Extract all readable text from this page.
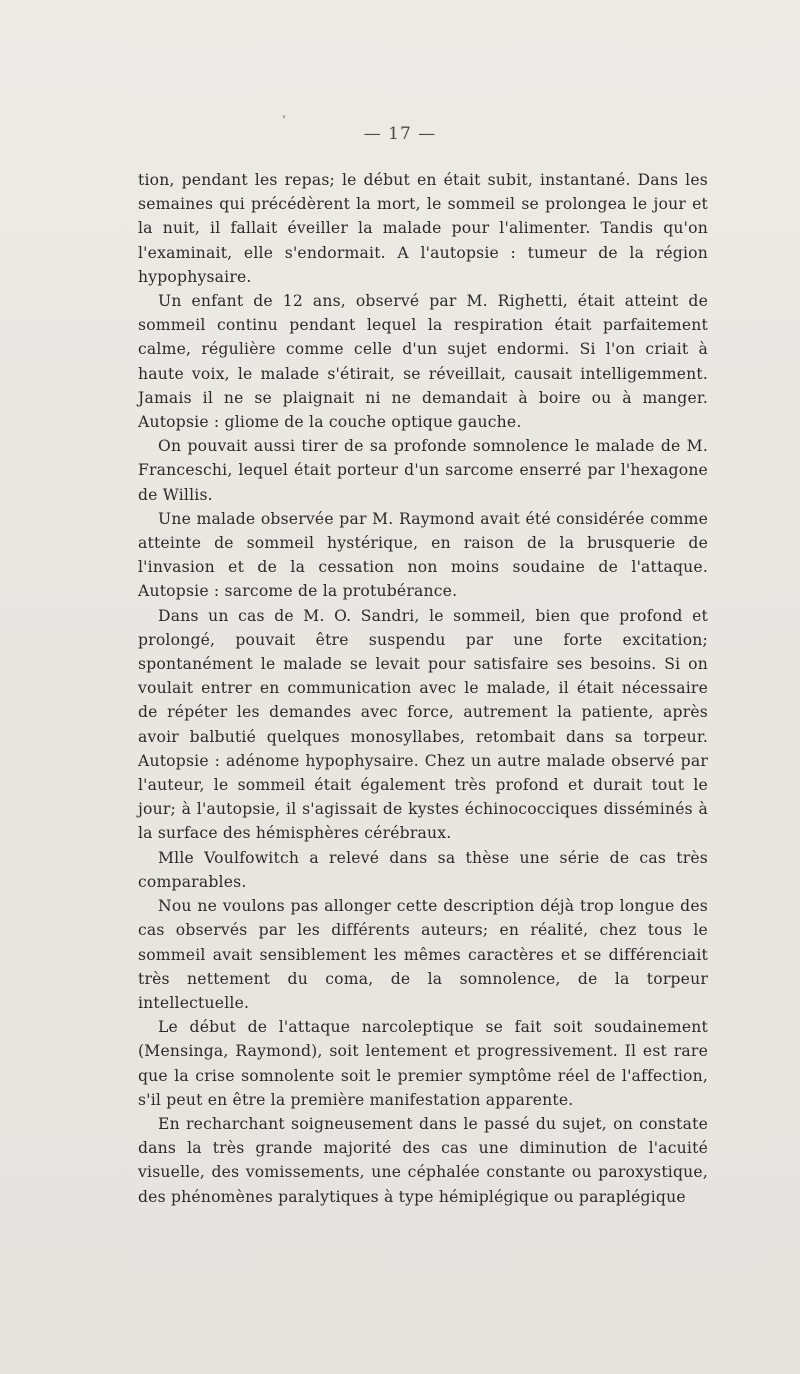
‘
— 17 —

tion, pendant les repas; le début en était subit, instantané. Dans les semaines qui précédèrent la mort, le sommeil se prolongea le jour et la nuit, il fallait éveiller la malade pour l'alimenter. Tandis qu'on l'examinait, elle s'endormait. A l'autopsie : tumeur de la région hypophysaire.

Un enfant de 12 ans, observé par M. Righetti, était atteint de sommeil continu pendant lequel la respiration était parfaitement calme, régulière comme celle d'un sujet endormi. Si l'on criait à haute voix, le malade s'étirait, se réveillait, causait intelligemment. Jamais il ne se plaignait ni ne demandait à boire ou à manger. Autopsie : gliome de la couche optique gauche.

On pouvait aussi tirer de sa profonde somnolence le malade de M. Franceschi, lequel était porteur d'un sarcome enserré par l'hexagone de Willis.

Une malade observée par M. Raymond avait été considérée comme atteinte de sommeil hystérique, en raison de la brusquerie de l'invasion et de la cessation non moins soudaine de l'attaque. Autopsie : sarcome de la protubérance.

Dans un cas de M. O. Sandri, le sommeil, bien que profond et prolongé, pouvait être suspendu par une forte excitation; spontanément le malade se levait pour satisfaire ses besoins. Si on voulait entrer en communication avec le malade, il était nécessaire de répéter les demandes avec force, autrement la patiente, après avoir balbutié quelques monosyllabes, retombait dans sa torpeur. Autopsie : adénome hypophysaire. Chez un autre malade observé par l'auteur, le sommeil était également très profond et durait tout le jour; à l'autopsie, il s'agissait de kystes échinococciques disséminés à la surface des hémisphères cérébraux.

Mlle Voulfowitch a relevé dans sa thèse une série de cas très comparables.

Nou ne voulons pas allonger cette description déjà trop longue des cas observés par les différents auteurs; en réalité, chez tous le sommeil avait sensiblement les mêmes caractères et se différenciait très nettement du coma, de la somnolence, de la torpeur intellectuelle.

Le début de l'attaque narcoleptique se fait soit soudainement (Mensinga, Raymond), soit lentement et progressivement. Il est rare que la crise somnolente soit le premier symptôme réel de l'affection, s'il peut en être la première manifestation apparente.

En recharchant soigneusement dans le passé du sujet, on constate dans la très grande majorité des cas une diminution de l'acuité visuelle, des vomissements, une céphalée constante ou paroxystique, des phénomènes paralytiques à type hémiplégique ou paraplégique
